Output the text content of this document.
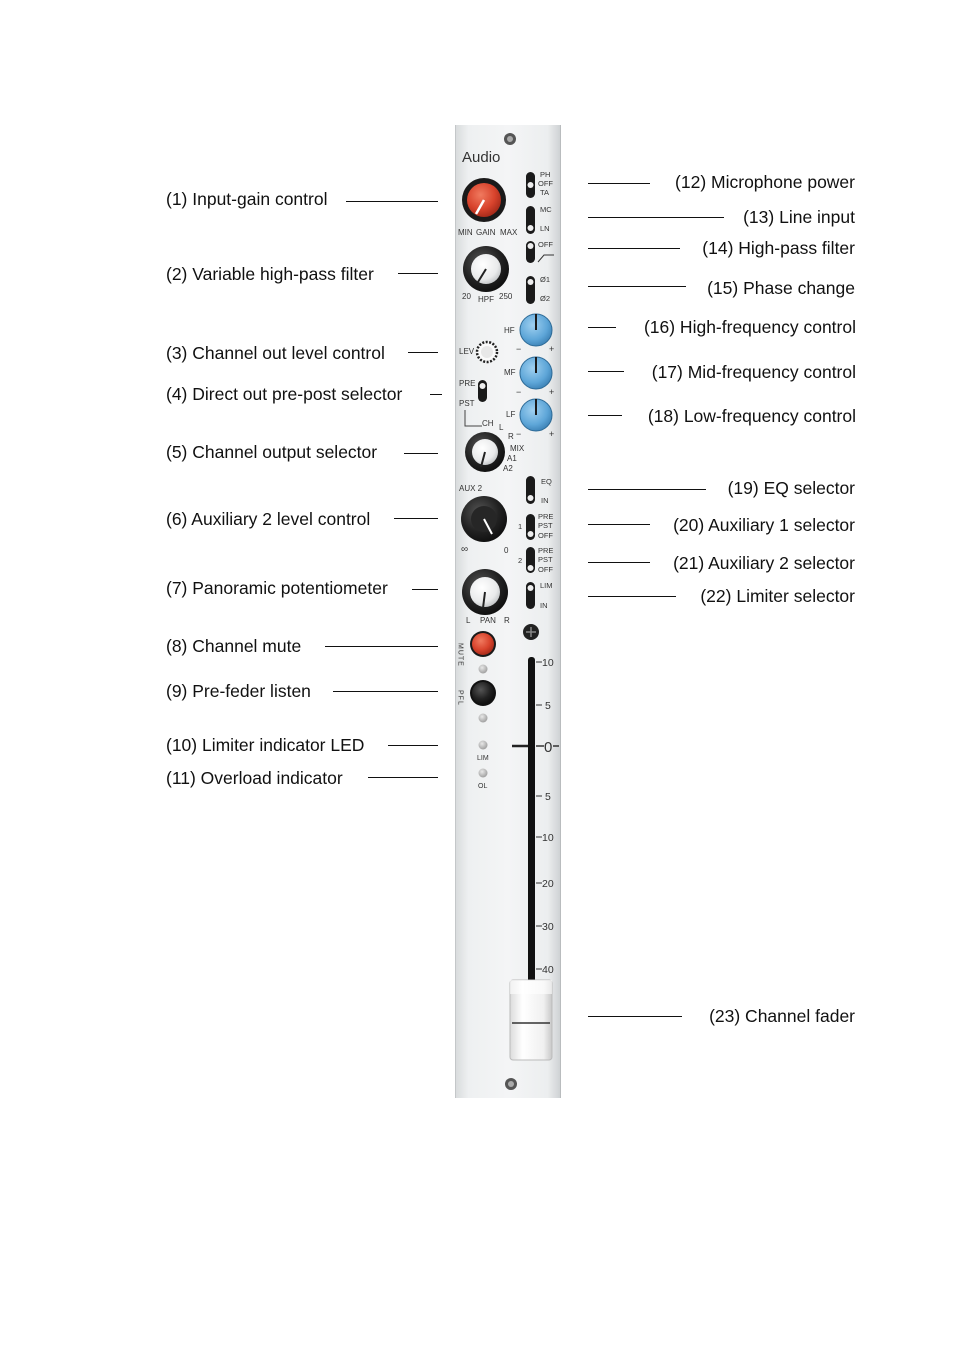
(1) Input-gain control
(2) Variable high-pass filter
(3) Channel out level control
(4) Direct out pre-post selector
(5) Channel output selector
(6) Auxiliary 2 level control
(7) Panoramic potentiometer
(8) Channel mute
(9) Pre-feder listen
(10) Limiter indicator LED
(11) Overload indicator
(12) Microphone power
(13) Line input
(14) High-pass filter
(15) Phase change
(16) High-frequency control
(17) Mid-frequency control
(18) Low-frequency control
(19) EQ selector
(20) Auxiliary 1 selector
(21) Auxiliary 2 selector
(22) Limiter selector
(23) Channel fader
Audio
MIN GAIN MAX
20 HPF 250
LEV
PRE
PST
CH L
R
MIX
A1
A2
AUX 2
∞	0
L PAN R
MUTE
PFL
LIM
OL
PH
OFF
TA
MC
LN
OFF
Ø1
Ø2
HF
−	+
MF
−	+
LF
−	+
EQ
IN
1
PRE
PST
OFF
2
PRE
PST
OFF
LIM
IN
10
5
0
5
10
20
30
40
